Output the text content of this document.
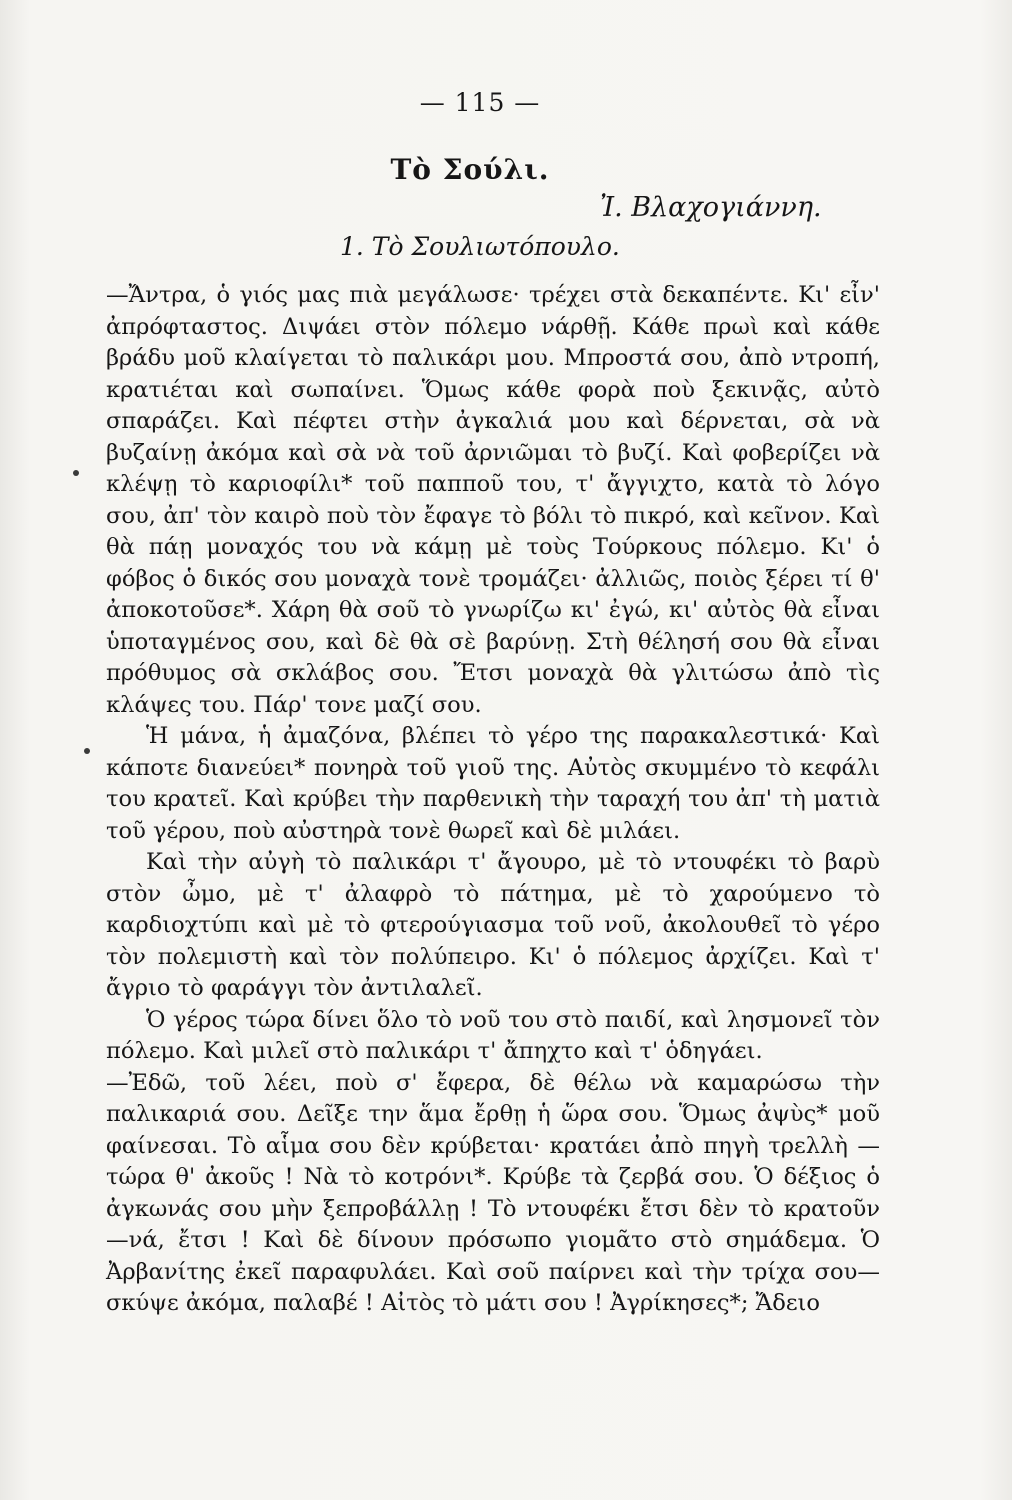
— 115 —
Τὸ Σούλι.
Ἰ. Βλαχογιάννη.
1. Τὸ Σουλιωτόπουλο.

—Ἄντρα, ὁ γιός μας πιὰ μεγάλωσε· τρέχει στὰ δεκαπέντε. Κι' εἶν' ἀπρόφταστος. Διψάει στὸν πόλεμο νάρθῇ. Κάθε πρωὶ καὶ κάθε βράδυ μοῦ κλαίγεται τὸ παλικάρι μου. Μπροστά σου, ἀπὸ ντροπή, κρατιέται καὶ σωπαίνει. Ὅμως κάθε φορὰ ποὺ ξεκινᾷς, αὐτὸ σπαράζει. Καὶ πέφτει στὴν ἀγκαλιά μου καὶ δέρνεται, σὰ νὰ βυζαίνῃ ἀκόμα καὶ σὰ νὰ τοῦ ἀρνιῶμαι τὸ βυζί. Καὶ φοβερίζει νὰ κλέψῃ τὸ καριοφίλι* τοῦ παπποῦ του, τ' ἄγγιχτο, κατὰ τὸ λόγο σου, ἀπ' τὸν καιρὸ ποὺ τὸν ἔφαγε τὸ βόλι τὸ πικρό, καὶ κεῖνον. Καὶ θὰ πάῃ μοναχός του νὰ κάμῃ μὲ τοὺς Τούρκους πόλεμο. Κι' ὁ φόβος ὁ δικός σου μοναχὰ τονὲ τρομάζει· ἀλλιῶς, ποιὸς ξέρει τί θ' ἀποκοτοῦσε*. Χάρη θὰ σοῦ τὸ γνωρίζω κι' ἐγώ, κι' αὐτὸς θὰ εἶναι ὑποταγμένος σου, καὶ δὲ θὰ σὲ βαρύνῃ. Στὴ θέλησή σου θὰ εἶναι πρόθυμος σὰ σκλάβος σου. Ἔτσι μοναχὰ θὰ γλιτώσω ἀπὸ τὶς κλάψες του. Πάρ' τονε μαζί σου.

Ἡ μάνα, ἡ ἀμαζόνα, βλέπει τὸ γέρο της παρακαλεστικά· Καὶ κάποτε διανεύει* πονηρὰ τοῦ γιοῦ της. Αὐτὸς σκυμμένο τὸ κεφάλι του κρατεῖ. Καὶ κρύβει τὴν παρθενικὴ τὴν ταραχή του ἀπ' τὴ ματιὰ τοῦ γέρου, ποὺ αὐστηρὰ τονὲ θωρεῖ καὶ δὲ μιλάει.

Καὶ τὴν αὐγὴ τὸ παλικάρι τ' ἄγουρο, μὲ τὸ ντουφέκι τὸ βαρὺ στὸν ὦμο, μὲ τ' ἀλαφρὸ τὸ πάτημα, μὲ τὸ χαρούμενο τὸ καρδιοχτύπι καὶ μὲ τὸ φτερούγιασμα τοῦ νοῦ, ἀκολουθεῖ τὸ γέρο τὸν πολεμιστὴ καὶ τὸν πολύπειρο. Κι' ὁ πόλεμος ἀρχίζει. Καὶ τ' ἄγριο τὸ φαράγγι τὸν ἀντιλαλεῖ.

Ὁ γέρος τώρα δίνει ὅλο τὸ νοῦ του στὸ παιδί, καὶ λησμονεῖ τὸν πόλεμο. Καὶ μιλεῖ στὸ παλικάρι τ' ἄπηχτο καὶ τ' ὁδηγάει.

—Ἐδῶ, τοῦ λέει, ποὺ σ' ἔφερα, δὲ θέλω νὰ καμαρώσω τὴν παλικαριά σου. Δεῖξε την ἅμα ἔρθῃ ἡ ὥρα σου. Ὅμως ἀψὺς* μοῦ φαίνεσαι. Τὸ αἷμα σου δὲν κρύβεται· κρατάει ἀπὸ πηγὴ τρελλὴ —τώρα θ' ἀκοῦς ! Νὰ τὸ κοτρόνι*. Κρύβε τὰ ζερβά σου. Ὁ δέξιος ὁ ἀγκωνάς σου μὴν ξεπροβάλλῃ ! Τὸ ντουφέκι ἔτσι δὲν τὸ κρατοῦν —νά, ἔτσι ! Καὶ δὲ δίνουν πρόσωπο γιομᾶτο στὸ σημάδεμα. Ὁ Ἀρβανίτης ἐκεῖ παραφυλάει. Καὶ σοῦ παίρνει καὶ τὴν τρίχα σου— σκύψε ἀκόμα, παλαβέ ! Αἰτὸς τὸ μάτι σου ! Ἀγρίκησες*; Ἄδειο
